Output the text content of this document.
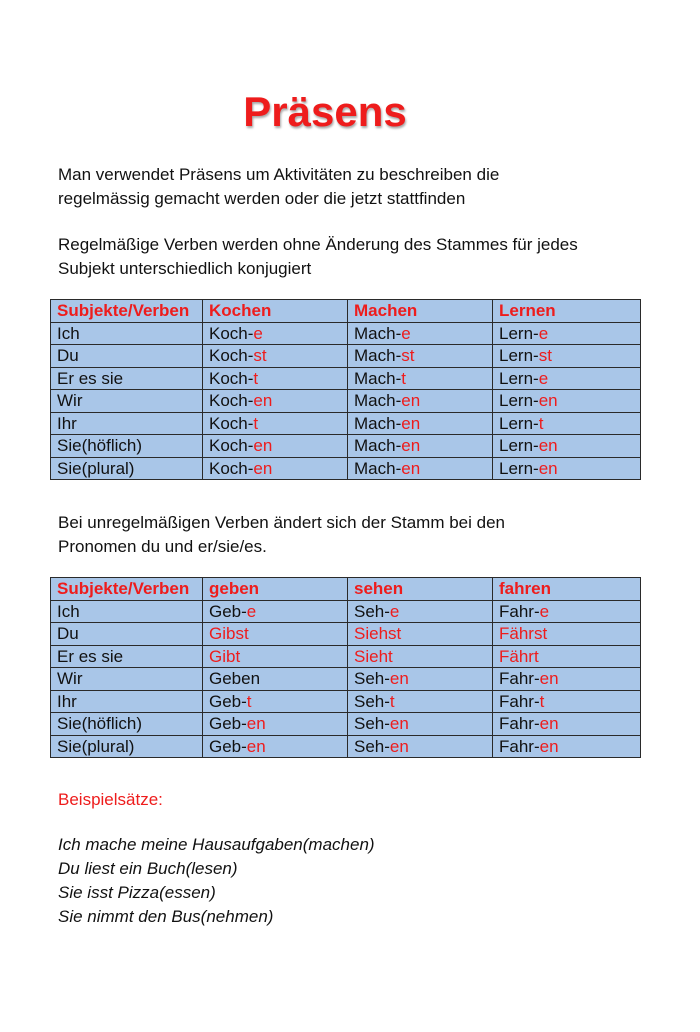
Präsens
Man verwendet Präsens um Aktivitäten zu beschreiben die
regelmässig gemacht werden oder die jetzt stattfinden
Regelmäßige Verben werden ohne Änderung des Stammes für jedes
Subjekt unterschiedlich konjugiert
Subjekte/Verben	Kochen	Machen	Lernen
Ich	Koch-e	Mach-e	Lern-e
Du	Koch-st	Mach-st	Lern-st
Er es sie	Koch-t	Mach-t	Lern-e
Wir	Koch-en	Mach-en	Lern-en
Ihr	Koch-t	Mach-en	Lern-t
Sie(höflich)	Koch-en	Mach-en	Lern-en
Sie(plural)	Koch-en	Mach-en	Lern-en
Bei unregelmäßigen Verben ändert sich der Stamm bei den
Pronomen du und er/sie/es.
Subjekte/Verben	geben	sehen	fahren
Ich	Geb-e	Seh-e	Fahr-e
Du	Gibst	Siehst	Fährst
Er es sie	Gibt	Sieht	Fährt
Wir	Geben	Seh-en	Fahr-en
Ihr	Geb-t	Seh-t	Fahr-t
Sie(höflich)	Geb-en	Seh-en	Fahr-en
Sie(plural)	Geb-en	Seh-en	Fahr-en
Beispielsätze:
Ich mache meine Hausaufgaben(machen)
Du liest ein Buch(lesen)
Sie isst Pizza(essen)
Sie nimmt den Bus(nehmen)
